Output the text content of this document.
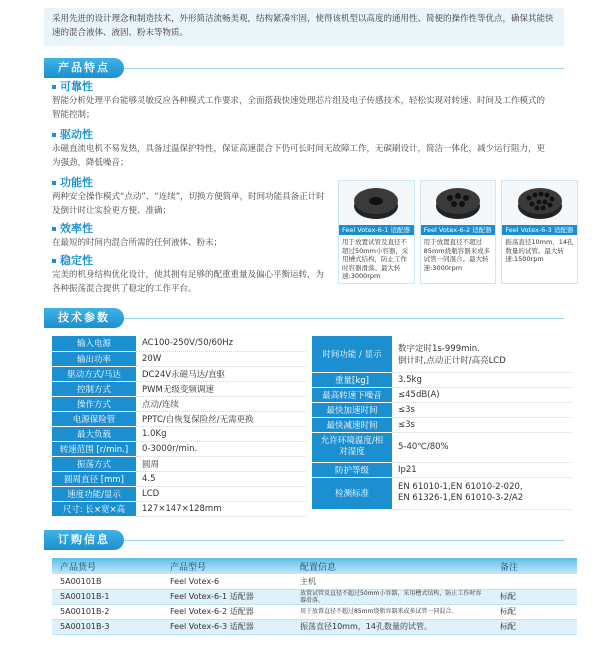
采用先进的设计理念和制造技术，外形简洁流畅美观，结构紧凑牢固，使得该机型以高度的通用性、简便的操作性等优点，确保其能快速的混合液体、液固、粉末等物质。
产品特点
可靠性
智能分析处理平台能够灵敏反应各种模式工作要求，全面搭载快速处理芯片组及电子传感技术，轻松实现对转速、时间及工作模式的智能控制；
驱动性
永磁直流电机不易发热，具备过温保护特性，保证高速混合下仍可长时间无故障工作，无碳刷设计，简洁一体化，减少运行阻力，更为强劲，降低噪音；
功能性
两种安全操作模式“点动”、“连续”，切换方便简单，时间功能具备正计时及倒计时让实验更方便、准确；
效率性
在最短的时间内混合所需的任何液体、粉末；
稳定性
完美的机身结构优化设计，使其拥有足够的配重重量及偏心平衡运转，为各种振荡混合提供了稳定的工作平台。
Feel Votex-6-1 适配器
用于放置试管及直径不超过50mm小容器，采用槽式结构，防止工作时容器滑落。最大转速:3000rpm
Feel Votex-6-2 适配器
用于放置直径不超过85mm烧瓶容器来或多试管一同混合。最大转速:3000rpm
Feel Votex-6-3 适配器
振荡直径10mm，14孔数量的试管。最大转速:1500rpm
技术参数
输入电源	AC100-250V/50/60Hz
输出功率	20W
驱动方式/马达	DC24V永磁马达/直驱
控制方式	PWM无级变频调速
操作方式	点动/连续
电源保险管	PPTC/自恢复保险丝/无需更换
最大负载	1.0Kg
转速范围 [r/min.]	0-3000r/min.
振荡方式	圆周
圆周直径 [mm]	4.5
速度功能/显示	LCD
尺寸: 长×宽×高	127×147×128mm
时间功能 / 显示	数字定时1s-999min.
倒计时,点动正计时/高亮LCD
重量[kg]	3.5kg
最高转速下噪音	≤45dB(A)
最快加速时间	≤3s
最快减速时间	≤3s
允许环境温度/相对湿度	5-40℃/80%
防护等级	Ip21
检测标准	EN 61010-1,EN 61010-2-020,
EN 61326-1,EN 61010-3-2/A2
订购信息
产品货号	产品型号	配置信息	备注
5A00101B	Feel Votex-6	主机	
5A00101B-1	Feel Votex-6-1 适配器	放置试管及直径不超过50mm小容器，采用槽式结构，防止工作时容器滑落。	标配
5A00101B-2	Feel Votex-6-2 适配器	用于放置直径不超过85mm烧瓶容器来或多试管一同混合。	标配
5A00101B-3	Feel Votex-6-3 适配器	振荡直径10mm，14孔数量的试管。	标配
